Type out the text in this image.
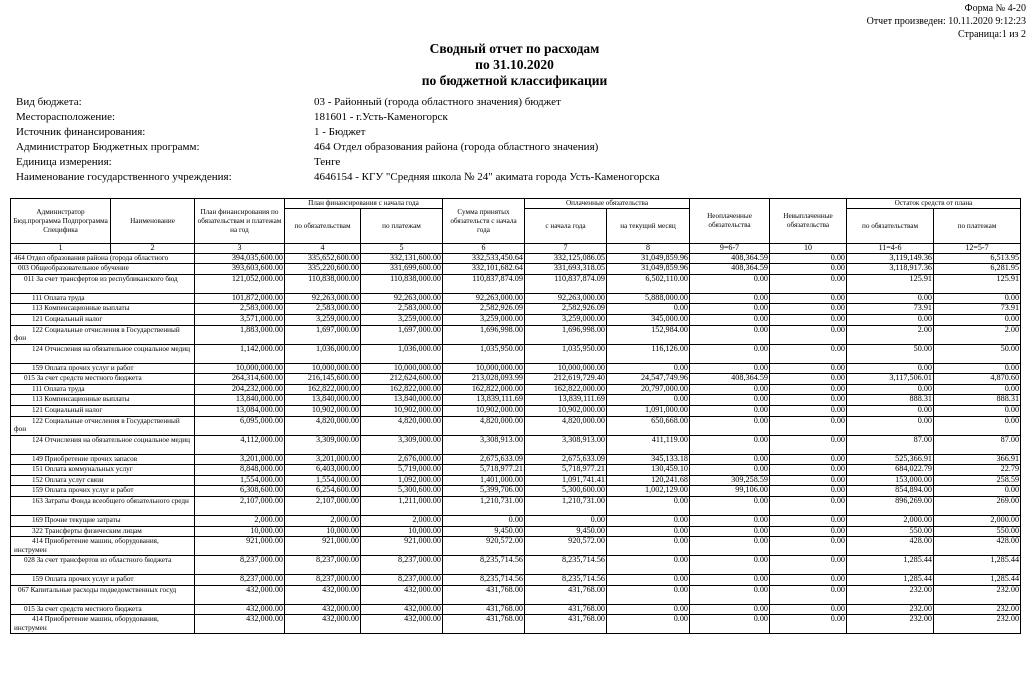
Форма № 4-20
Отчет произведен: 10.11.2020 9:12:23
Страница:1 из 2
Сводный отчет по расходам
по 31.10.2020
по бюджетной классификации
Вид бюджета:	03 - Районный (города областного значения) бюджет
Месторасположение:	181601 - г.Усть-Каменогорск
Источник финансирования:	1 - Бюджет
Администратор Бюджетных программ:	464 Отдел образования района (города областного значения)
Единица измерения:	Тенге
Наименование государственного учреждения:	4646154 - КГУ "Средняя школа № 24" акимата города Усть-Каменогорска
Администратор Бюд.программа Подпрограмма Специфика	Наименование	План финансирования по обязательствам и платежам на год	План финансирования с начала года		Сумма принятых обязательств с начала года	Оплаченные обязательства		Неоплаченные обязательства	Невыплаченные обязательства	Остаток средств от плана	
			по обязательствам	по платежам		с начала года	на текущий месяц			по обязательствам	по платежам
1	2	3	4	5	6	7	8	9=6-7	10	11=4-6	12=5-7
464 Отдел образования района (города областного		394,035,600.00	335,652,600.00	332,131,600.00	332,533,450.64	332,125,086.05	31,049,859.96	408,364.59	0.00	3,119,149.36	6,513.95
003 Общеобразовательное обучение		393,603,600.00	335,220,600.00	331,699,600.00	332,101,682.64	331,693,318.05	31,049,859.96	408,364.59	0.00	3,118,917.36	6,281.95
011 За счет трансфертов из республиканского бюд		121,052,000.00	110,838,000.00	110,838,000.00	110,837,874.09	110,837,874.09	6,502,110.00	0.00	0.00	125.91	125.91
111 Оплата труда		101,872,000.00	92,263,000.00	92,263,000.00	92,263,000.00	92,263,000.00	5,888,000.00	0.00	0.00	0.00	0.00
113 Компенсационные выплаты		2,583,000.00	2,583,000.00	2,583,000.00	2,582,926.09	2,582,926.09	0.00	0.00	0.00	73.91	73.91
121 Социальный налог		3,571,000.00	3,259,000.00	3,259,000.00	3,259,000.00	3,259,000.00	345,000.00	0.00	0.00	0.00	0.00
122 Социальные отчисления в Государственный фон		1,883,000.00	1,697,000.00	1,697,000.00	1,696,998.00	1,696,998.00	152,984.00	0.00	0.00	2.00	2.00
124 Отчисления на обязательное социальное медиц		1,142,000.00	1,036,000.00	1,036,000.00	1,035,950.00	1,035,950.00	116,126.00	0.00	0.00	50.00	50.00
159 Оплата прочих услуг и работ		10,000,000.00	10,000,000.00	10,000,000.00	10,000,000.00	10,000,000.00	0.00	0.00	0.00	0.00	0.00
015 За счет средств местного бюджета		264,314,600.00	216,145,600.00	212,624,600.00	213,028,093.99	212,619,729.40	24,547,749.96	408,364.59	0.00	3,117,506.01	4,870.60
111 Оплата труда		204,232,000.00	162,822,000.00	162,822,000.00	162,822,000.00	162,822,000.00	20,797,000.00	0.00	0.00	0.00	0.00
113 Компенсационные выплаты		13,840,000.00	13,840,000.00	13,840,000.00	13,839,111.69	13,839,111.69	0.00	0.00	0.00	888.31	888.31
121 Социальный налог		13,084,000.00	10,902,000.00	10,902,000.00	10,902,000.00	10,902,000.00	1,091,000.00	0.00	0.00	0.00	0.00
122 Социальные отчисления в Государственный фон		6,095,000.00	4,820,000.00	4,820,000.00	4,820,000.00	4,820,000.00	650,668.00	0.00	0.00	0.00	0.00
124 Отчисления на обязательное социальное медиц		4,112,000.00	3,309,000.00	3,309,000.00	3,308,913.00	3,308,913.00	411,119.00	0.00	0.00	87.00	87.00
149 Приобретение прочих запасов		3,201,000.00	3,201,000.00	2,676,000.00	2,675,633.09	2,675,633.09	345,133.18	0.00	0.00	525,366.91	366.91
151 Оплата коммунальных услуг		8,848,000.00	6,403,000.00	5,719,000.00	5,718,977.21	5,718,977.21	130,459.10	0.00	0.00	684,022.79	22.79
152 Оплата услуг связи		1,554,000.00	1,554,000.00	1,092,000.00	1,401,000.00	1,091,741.41	120,241.68	309,258.59	0.00	153,000.00	258.59
159 Оплата прочих услуг и работ		6,308,600.00	6,254,600.00	5,300,600.00	5,399,706.00	5,300,600.00	1,002,129.00	99,106.00	0.00	854,894.00	0.00
163 Затраты Фонда всеобщего обязательного средн		2,107,000.00	2,107,000.00	1,211,000.00	1,210,731.00	1,210,731.00	0.00	0.00	0.00	896,269.00	269.00
169 Прочие текущие затраты		2,000.00	2,000.00	2,000.00	0.00	0.00	0.00	0.00	0.00	2,000.00	2,000.00
322 Трансферты физическим лицам		10,000.00	10,000.00	10,000.00	9,450.00	9,450.00	0.00	0.00	0.00	550.00	550.00
414 Приобретение машин, оборудования, инструмен		921,000.00	921,000.00	921,000.00	920,572.00	920,572.00	0.00	0.00	0.00	428.00	428.00
028 За счет трансфертов из областного бюджета		8,237,000.00	8,237,000.00	8,237,000.00	8,235,714.56	8,235,714.56	0.00	0.00	0.00	1,285.44	1,285.44
159 Оплата прочих услуг и работ		8,237,000.00	8,237,000.00	8,237,000.00	8,235,714.56	8,235,714.56	0.00	0.00	0.00	1,285.44	1,285.44
067 Капитальные расходы подведомственных госуд		432,000.00	432,000.00	432,000.00	431,768.00	431,768.00	0.00	0.00	0.00	232.00	232.00
015 За счет средств местного бюджета		432,000.00	432,000.00	432,000.00	431,768.00	431,768.00	0.00	0.00	0.00	232.00	232.00
414 Приобретение машин, оборудования, инструмен		432,000.00	432,000.00	432,000.00	431,768.00	431,768.00	0.00	0.00	0.00	232.00	232.00
